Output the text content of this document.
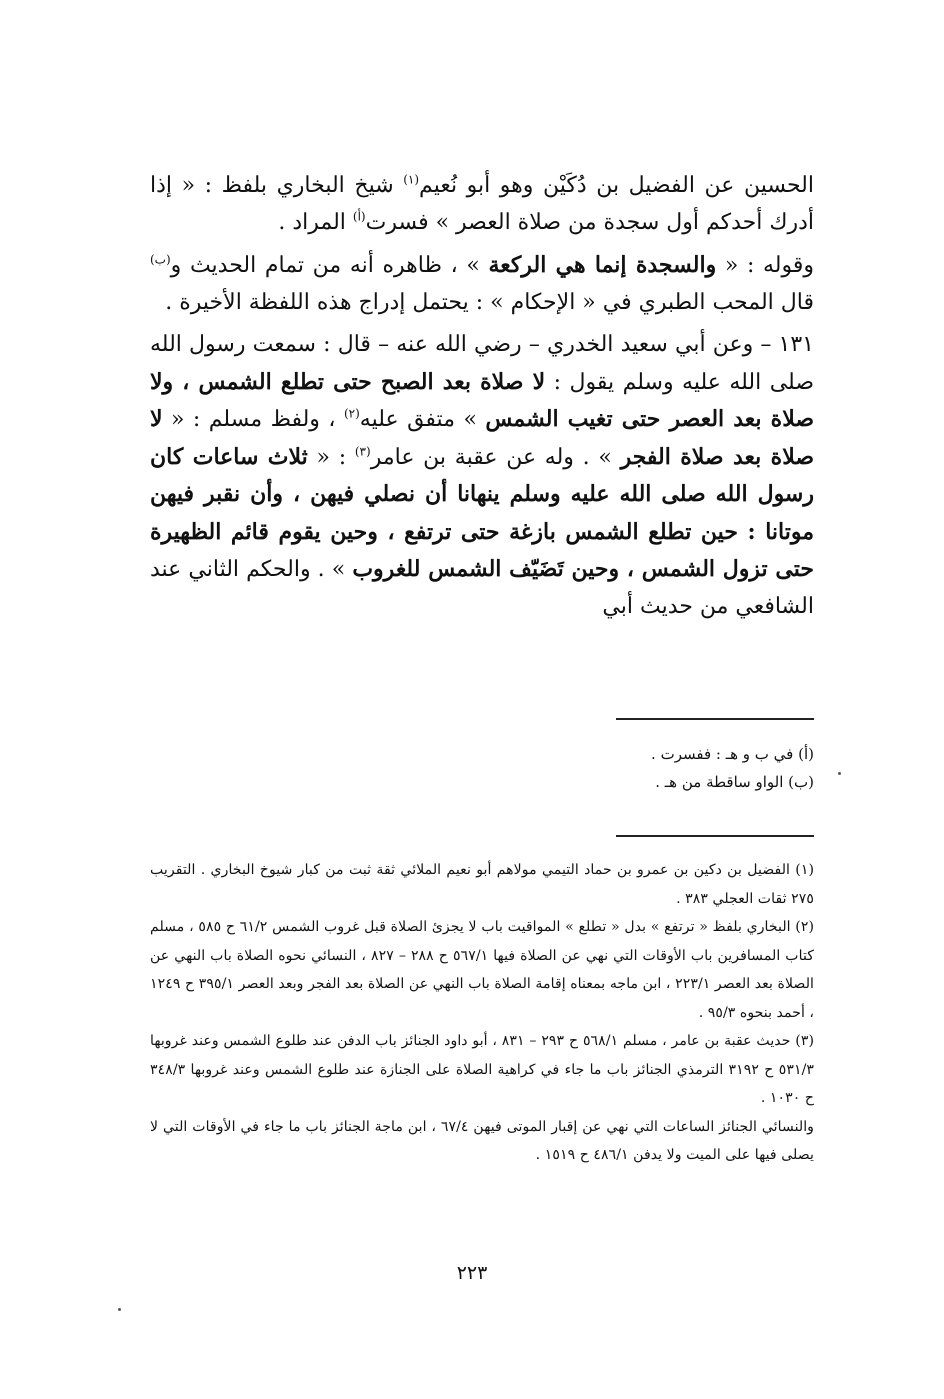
الحسين عن الفضيل بن دُكَيْن وهو أبو نُعيم$^{(١)}$ شيخ البخاري بلفظ : « إذا أدرك أحدكم أول سجدة من صلاة العصر » فسرت$^{(أ)}$ المراد .

وقوله : « والسجدة إنما هي الركعة » ، ظاهره أنه من تمام الحديث و$^{(ب)}$ قال المحب الطبري في « الإحكام » : يحتمل إدراج هذه اللفظة الأخيرة .

١٣١ – وعن أبي سعيد الخدري – رضي الله عنه – قال : سمعت رسول الله صلى الله عليه وسلم يقول : لا صلاة بعد الصبح حتى تطلع الشمس ، ولا صلاة بعد العصر حتى تغيب الشمس » متفق عليه$^{(٢)}$ ، ولفظ مسلم : « لا صلاة بعد صلاة الفجر » . وله عن عقبة بن عامر$^{(٣)}$ : « ثلاث ساعات كان رسول الله صلى الله عليه وسلم ينهانا أن نصلي فيهن ، وأن نقبر فيهن موتانا : حين تطلع الشمس بازغة حتى ترتفع ، وحين يقوم قائم الظهيرة حتى تزول الشمس ، وحين تَضَيّف الشمس للغروب » . والحكم الثاني عند الشافعي من حديث أبي

(أ) في ب و هـ : ففسرت .

(ب) الواو ساقطة من هـ .

(١) الفضيل بن دكين بن عمرو بن حماد التيمي مولاهم أبو نعيم الملائي ثقة ثبت من كبار شيوخ البخاري . التقريب ٢٧٥ ثقات العجلي ٣٨٣ .

(٢) البخاري بلفظ « ترتفع » بدل « تطلع » المواقيت باب لا يجزئ الصلاة قبل غروب الشمس ٦١/٢ ح ٥٨٥ ، مسلم كتاب المسافرين باب الأوقات التي نهي عن الصلاة فيها ٥٦٧/١ ح ٢٨٨ – ٨٢٧ ، النسائي نحوه الصلاة باب النهي عن الصلاة بعد العصر ٢٢٣/١ ، ابن ماجه بمعناه إقامة الصلاة باب النهي عن الصلاة بعد الفجر وبعد العصر ٣٩٥/١ ح ١٢٤٩ ، أحمد بنحوه ٩٥/٣ .

(٣) حديث عقبة بن عامر ، مسلم ٥٦٨/١ ح ٢٩٣ – ٨٣١ ، أبو داود الجنائز باب الدفن عند طلوع الشمس وعند غروبها ٥٣١/٣ ح ٣١٩٢ الترمذي الجنائز باب ما جاء في كراهية الصلاة على الجنازة عند طلوع الشمس وعند غروبها ٣٤٨/٣ ح ١٠٣٠ .

والنسائي الجنائز الساعات التي نهي عن إقبار الموتى فيهن ٦٧/٤ ، ابن ماجة الجنائز باب ما جاء في الأوقات التي لا يصلى فيها على الميت ولا يدفن ٤٨٦/١ ح ١٥١٩ .

٢٢٣
